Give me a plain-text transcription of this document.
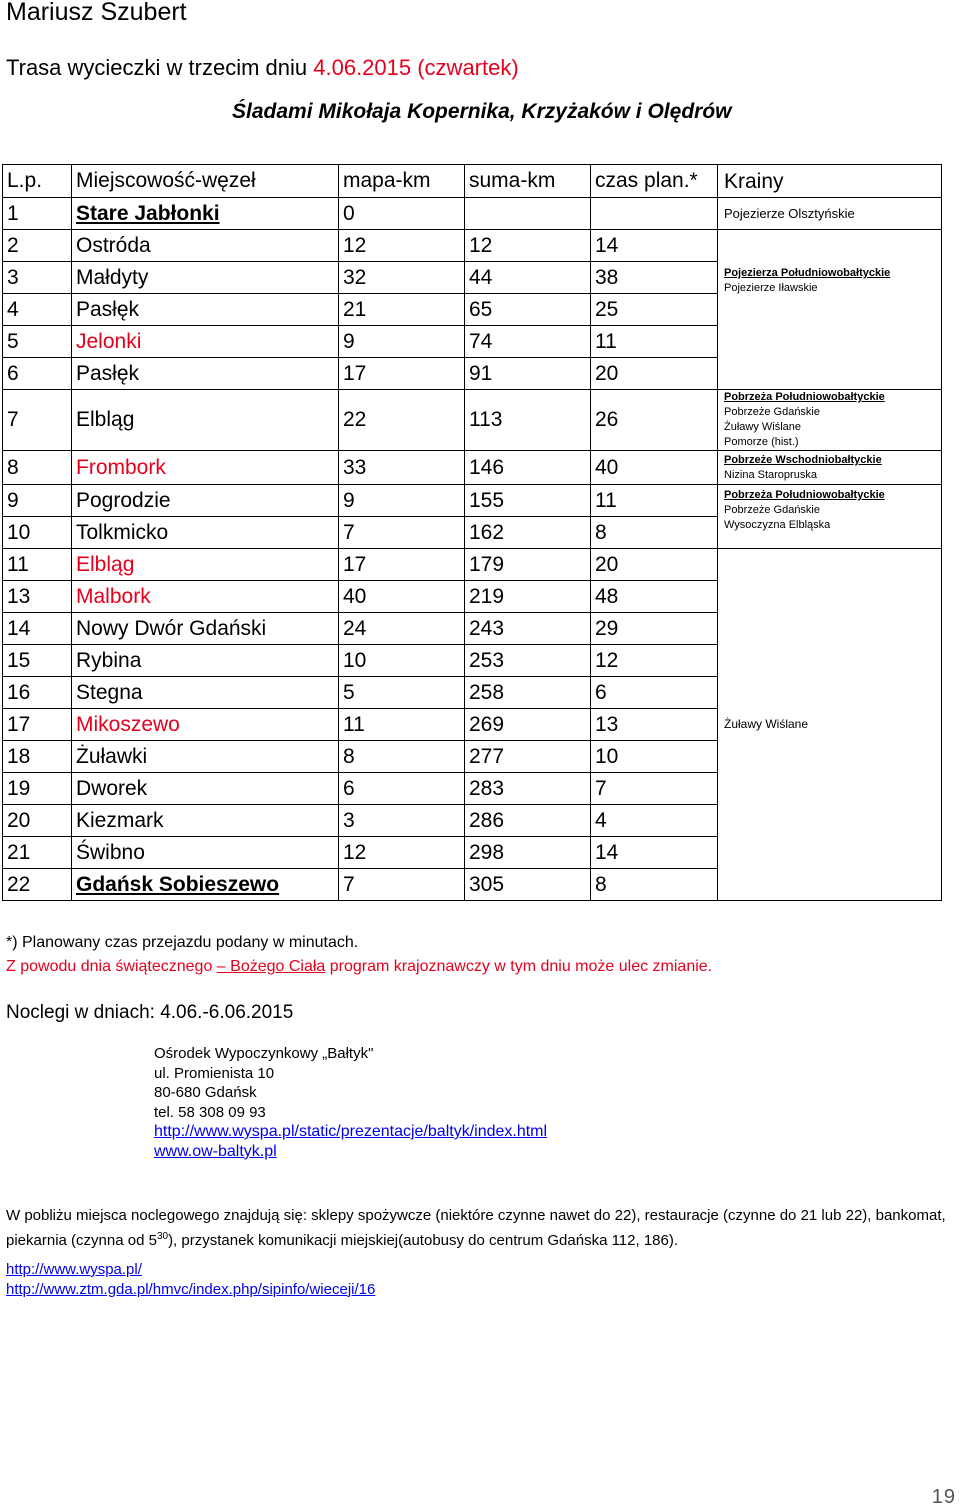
Mariusz Szubert
Trasa wycieczki w trzecim dniu 4.06.2015 (czwartek)
Śladami Mikołaja Kopernika, Krzyżaków i Olędrów
L.p.	Miejscowość-węzeł	mapa-km	suma-km	czas plan.*	Krainy
1	Stare Jabłonki	0			Pojezierze Olsztyńskie
2	Ostróda	12	12	14	Pojezierza Południowobałtyckie
Pojezierze Iławskie

3	Małdyty	32	44	38	
4	Pasłęk	21	65	25	
5	Jelonki	9	74	11	
6	Pasłęk	17	91	20	
7	Elbląg	22	113	26	Pobrzeża Południowobałtyckie
Pobrzeże Gdańskie
Żuławy Wiślane
Pomorze (hist.)

8	Frombork	33	146	40	Pobrzeże Wschodniobałtyckie
Nizina Staropruska

9	Pogrodzie	9	155	11	Pobrzeża Południowobałtyckie
Pobrzeże Gdańskie
Wysoczyzna Elbląska

10	Tolkmicko	7	162	8	
11	Elbląg	17	179	20	Żuławy Wiślane
13	Malbork	40	219	48	
14	Nowy Dwór Gdański	24	243	29	
15	Rybina	10	253	12	
16	Stegna	5	258	6	
17	Mikoszewo	11	269	13	
18	Żuławki	8	277	10	
19	Dworek	6	283	7	
20	Kiezmark	3	286	4	
21	Świbno	12	298	14	
22	Gdańsk Sobieszewo	7	305	8	
*) Planowany czas przejazdu podany w minutach.
Z powodu dnia świątecznego – Bożego Ciała program krajoznawczy w tym dniu może ulec zmianie.
Noclegi w dniach: 4.06.-6.06.2015
Ośrodek Wypoczynkowy „Bałtyk"
ul. Promienista 10
80-680 Gdańsk
tel. 58 308 09 93
http://www.wyspa.pl/static/prezentacje/baltyk/index.html
www.ow-baltyk.pl
W pobliżu miejsca noclegowego znajdują się: sklepy spożywcze (niektóre czynne nawet do 22), restauracje (czynne do 21 lub 22), bankomat, piekarnia (czynna od $5^{30}$), przystanek komunikacji miejskiej(autobusy do centrum Gdańska 112, 186).
http://www.wyspa.pl/
http://www.ztm.gda.pl/hmvc/index.php/sipinfo/wieceji/16
19
